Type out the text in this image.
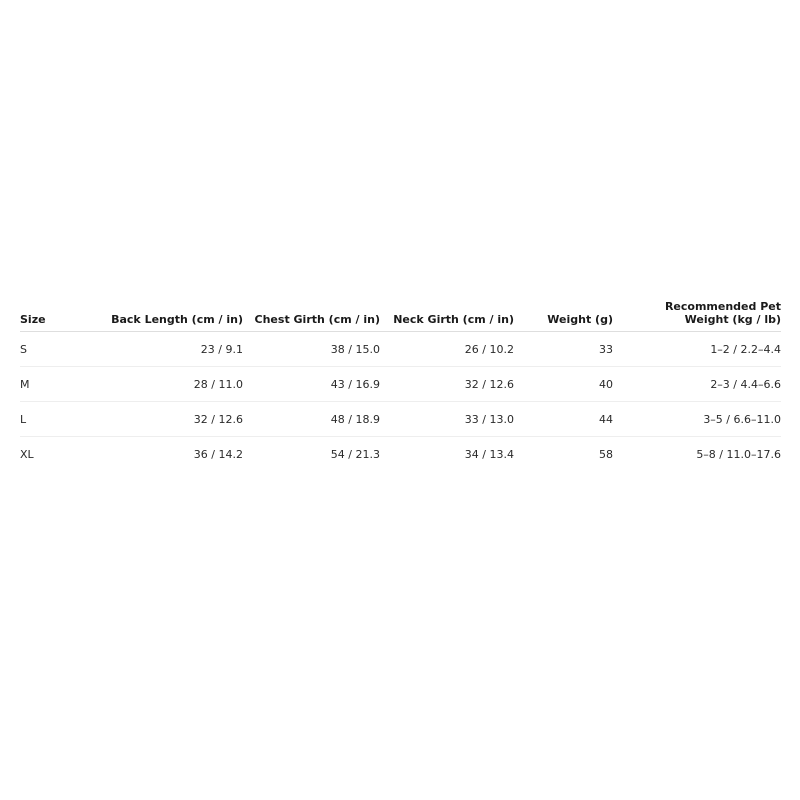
Size	Back Length (cm / in)	Chest Girth (cm / in)	Neck Girth (cm / in)	Weight (g)	Recommended Pet
Weight (kg / lb)
S	23 / 9.1	38 / 15.0	26 / 10.2	33	1–2 / 2.2–4.4
M	28 / 11.0	43 / 16.9	32 / 12.6	40	2–3 / 4.4–6.6
L	32 / 12.6	48 / 18.9	33 / 13.0	44	3–5 / 6.6–11.0
XL	36 / 14.2	54 / 21.3	34 / 13.4	58	5–8 / 11.0–17.6
